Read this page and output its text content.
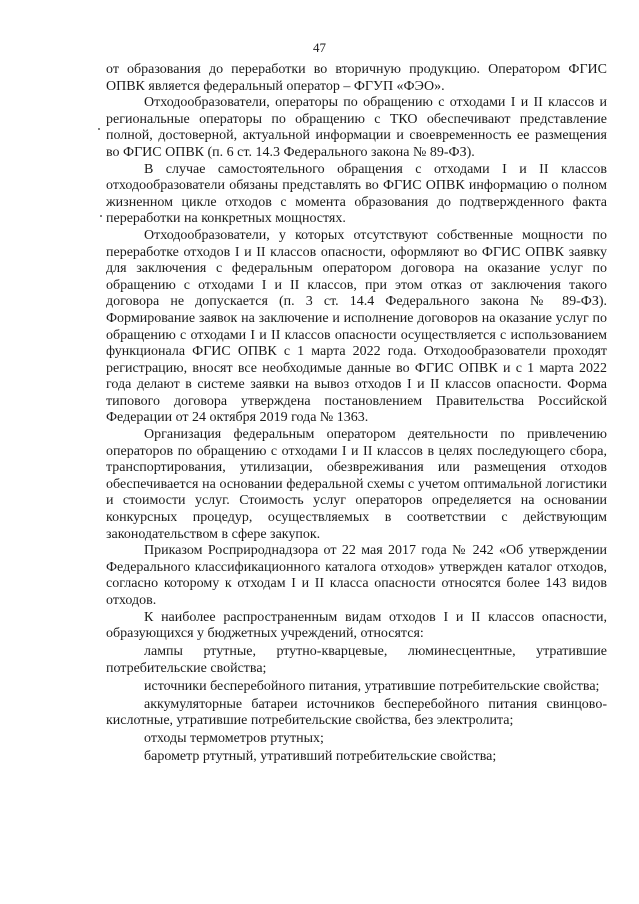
47

от образования до переработки во вторичную продукцию. Оператором ФГИС ОПВК является федеральный оператор – ФГУП «ФЭО».

Отходообразователи, операторы по обращению с отходами I и II классов и региональные операторы по обращению с ТКО обеспечивают представление полной, достоверной, актуальной информации и своевременность ее размещения во ФГИС ОПВК (п. 6 ст. 14.3 Федерального закона № 89-ФЗ).

В случае самостоятельного обращения с отходами I и II классов отходообразователи обязаны представлять во ФГИС ОПВК информацию о полном жизненном цикле отходов с момента образования до подтвержденного факта переработки на конкретных мощностях.

Отходообразователи, у которых отсутствуют собственные мощности по переработке отходов I и II классов опасности, оформляют во ФГИС ОПВК заявку для заключения с федеральным оператором договора на оказание услуг по обращению с отходами I и II классов, при этом отказ от заключения такого договора не допускается (п. 3 ст. 14.4 Федерального закона № 89-ФЗ). Формирование заявок на заключение и исполнение договоров на оказание услуг по обращению с отходами I и II классов опасности осуществляется с использованием функционала ФГИС ОПВК с 1 марта 2022 года. Отходообразователи проходят регистрацию, вносят все необходимые данные во ФГИС ОПВК и с 1 марта 2022 года делают в системе заявки на вывоз отходов I и II классов опасности. Форма типового договора утверждена постановлением Правительства Российской Федерации от 24 октября 2019 года № 1363.

Организация федеральным оператором деятельности по привлечению операторов по обращению с отходами I и II классов в целях последующего сбора, транспортирования, утилизации, обезвреживания или размещения отходов обеспечивается на основании федеральной схемы с учетом оптимальной логистики и стоимости услуг. Стоимость услуг операторов определяется на основании конкурсных процедур, осуществляемых в соответствии с действующим законодательством в сфере закупок.

Приказом Росприроднадзора от 22 мая 2017 года № 242 «Об утверждении Федерального классификационного каталога отходов» утвержден каталог отходов, согласно которому к отходам I и II класса опасности относятся более 143 видов отходов.

К наиболее распространенным видам отходов I и II классов опасности, образующихся у бюджетных учреждений, относятся:

лампы ртутные, ртутно-кварцевые, люминесцентные, утратившие потребительские свойства;

источники бесперебойного питания, утратившие потребительские свойства;

аккумуляторные батареи источников бесперебойного питания свинцово-кислотные, утратившие потребительские свойства, без электролита;

отходы термометров ртутных;

барометр ртутный, утративший потребительские свойства;
